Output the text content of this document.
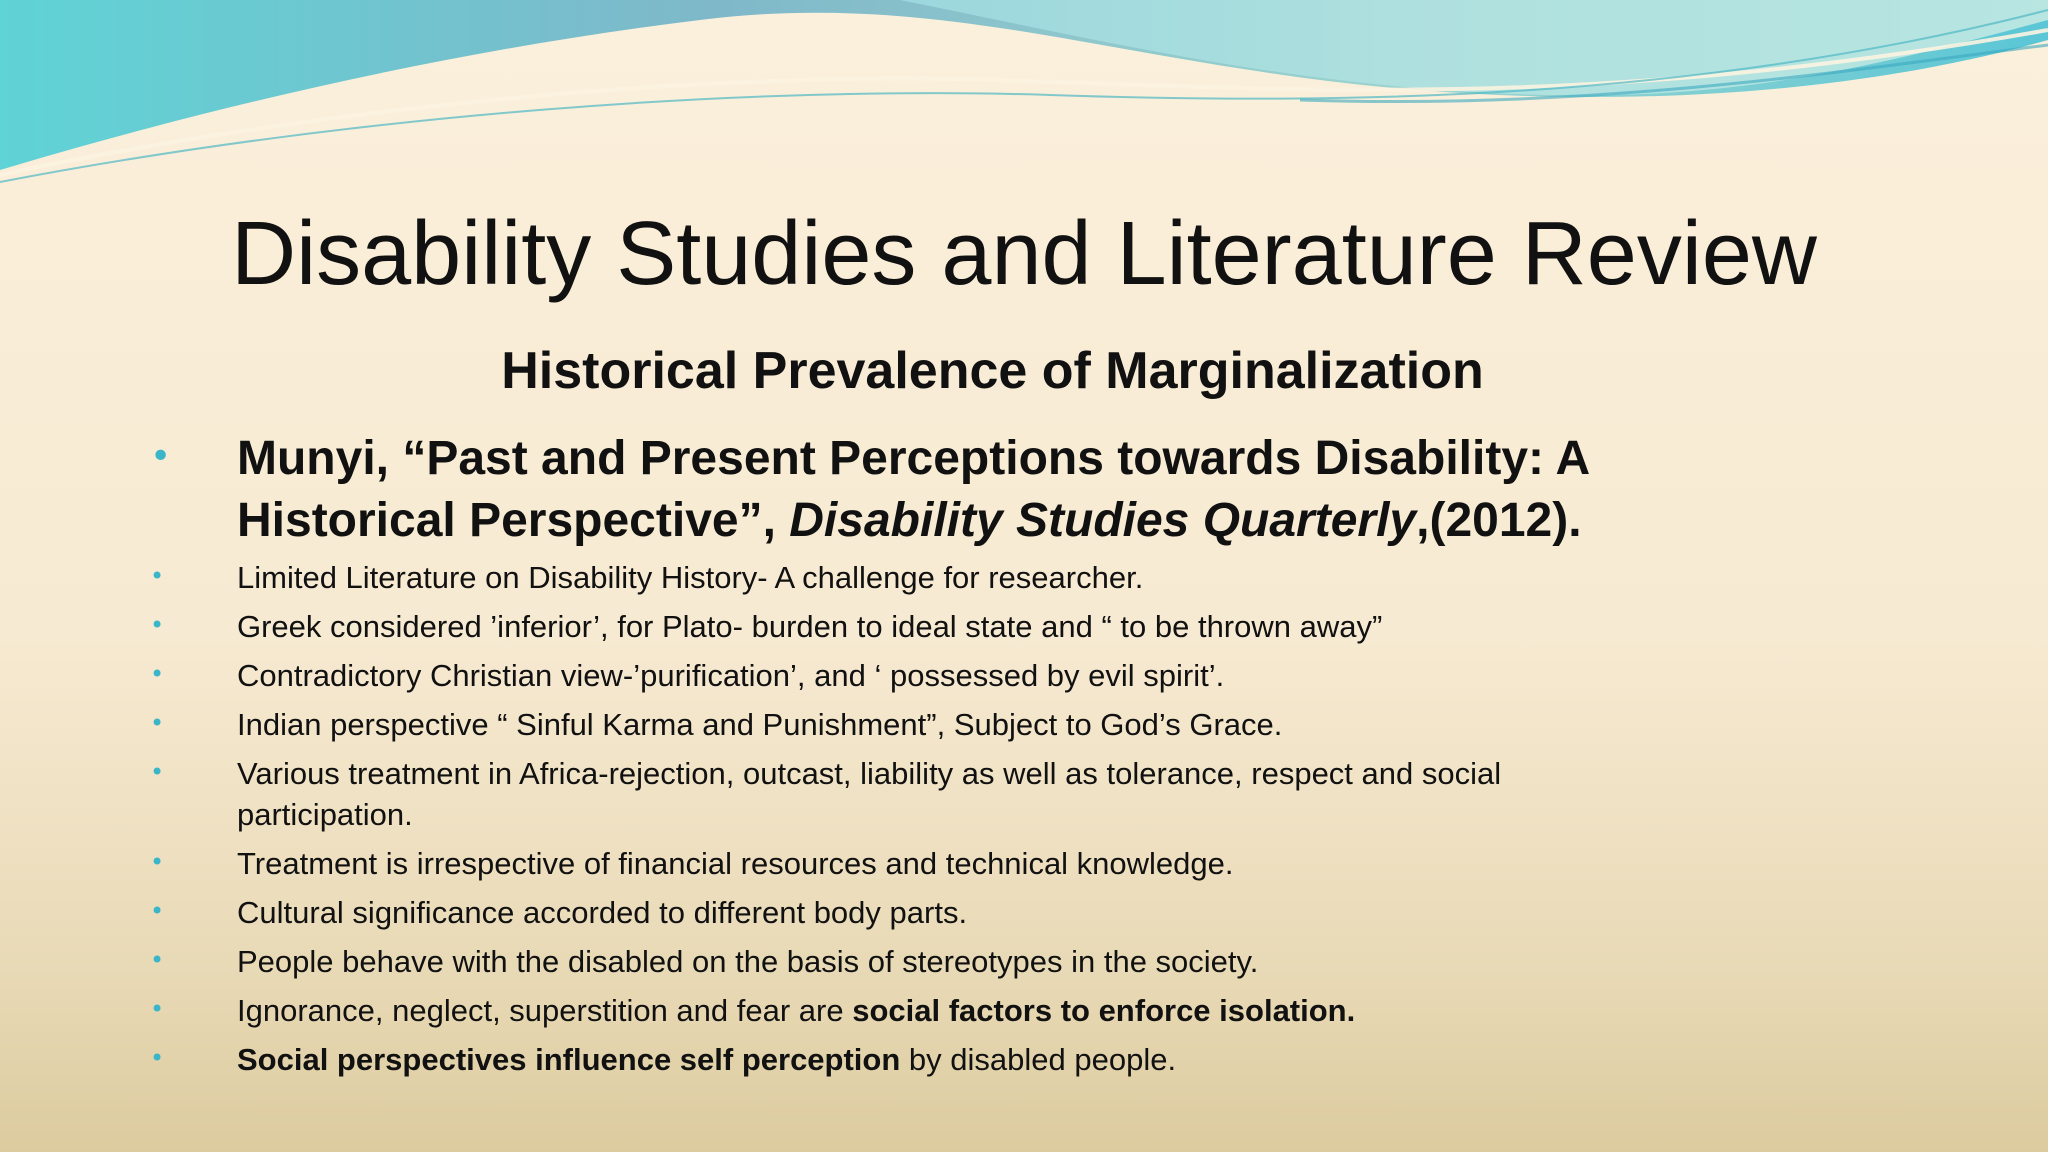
Disability Studies and Literature Review
Historical Prevalence of Marginalization
• Munyi, “Past and Present Perceptions towards Disability: A
Historical Perspective”, Disability Studies Quarterly,(2012).
• Limited Literature on Disability History- A challenge for researcher.
• Greek considered ’inferior’, for Plato- burden to ideal state and “ to be thrown away”
• Contradictory Christian view-’purification’, and ‘ possessed by evil spirit’.
• Indian perspective “ Sinful Karma and Punishment”, Subject to God’s Grace.
• Various treatment in Africa-rejection, outcast, liability as well as tolerance, respect and social participation.
• Treatment is irrespective of financial resources and technical knowledge.
• Cultural significance accorded to different body parts.
• People behave with the disabled on the basis of stereotypes in the society.
• Ignorance, neglect, superstition and fear are social factors to enforce isolation.
• Social perspectives influence self perception by disabled people.
